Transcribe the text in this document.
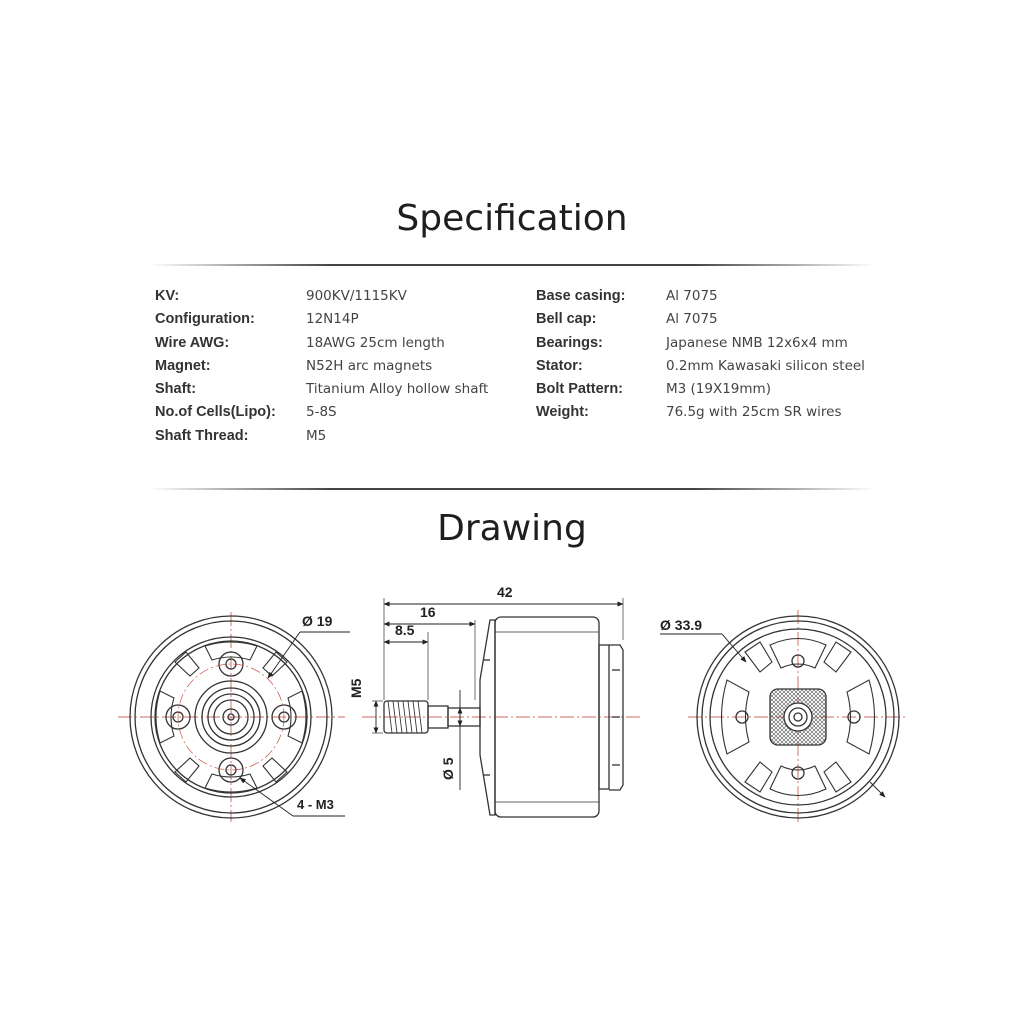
Specification
KV:	900KV/1115KV
Configuration:	12N14P
Wire AWG:	18AWG 25cm length
Magnet:	N52H arc magnets
Shaft:	Titanium Alloy hollow shaft
No.of Cells(Lipo):	5-8S
Shaft Thread:	M5
Base casing:	Al 7075
Bell cap:	Al 7075
Bearings:	Japanese NMB 12x6x4 mm
Stator:	0.2mm Kawasaki silicon steel
Bolt Pattern:	M3 (19X19mm)
Weight:	76.5g with 25cm SR wires
Drawing
Ø 19
4 - M3
42
16
8.5
M5
Ø 5
Ø 33.9
